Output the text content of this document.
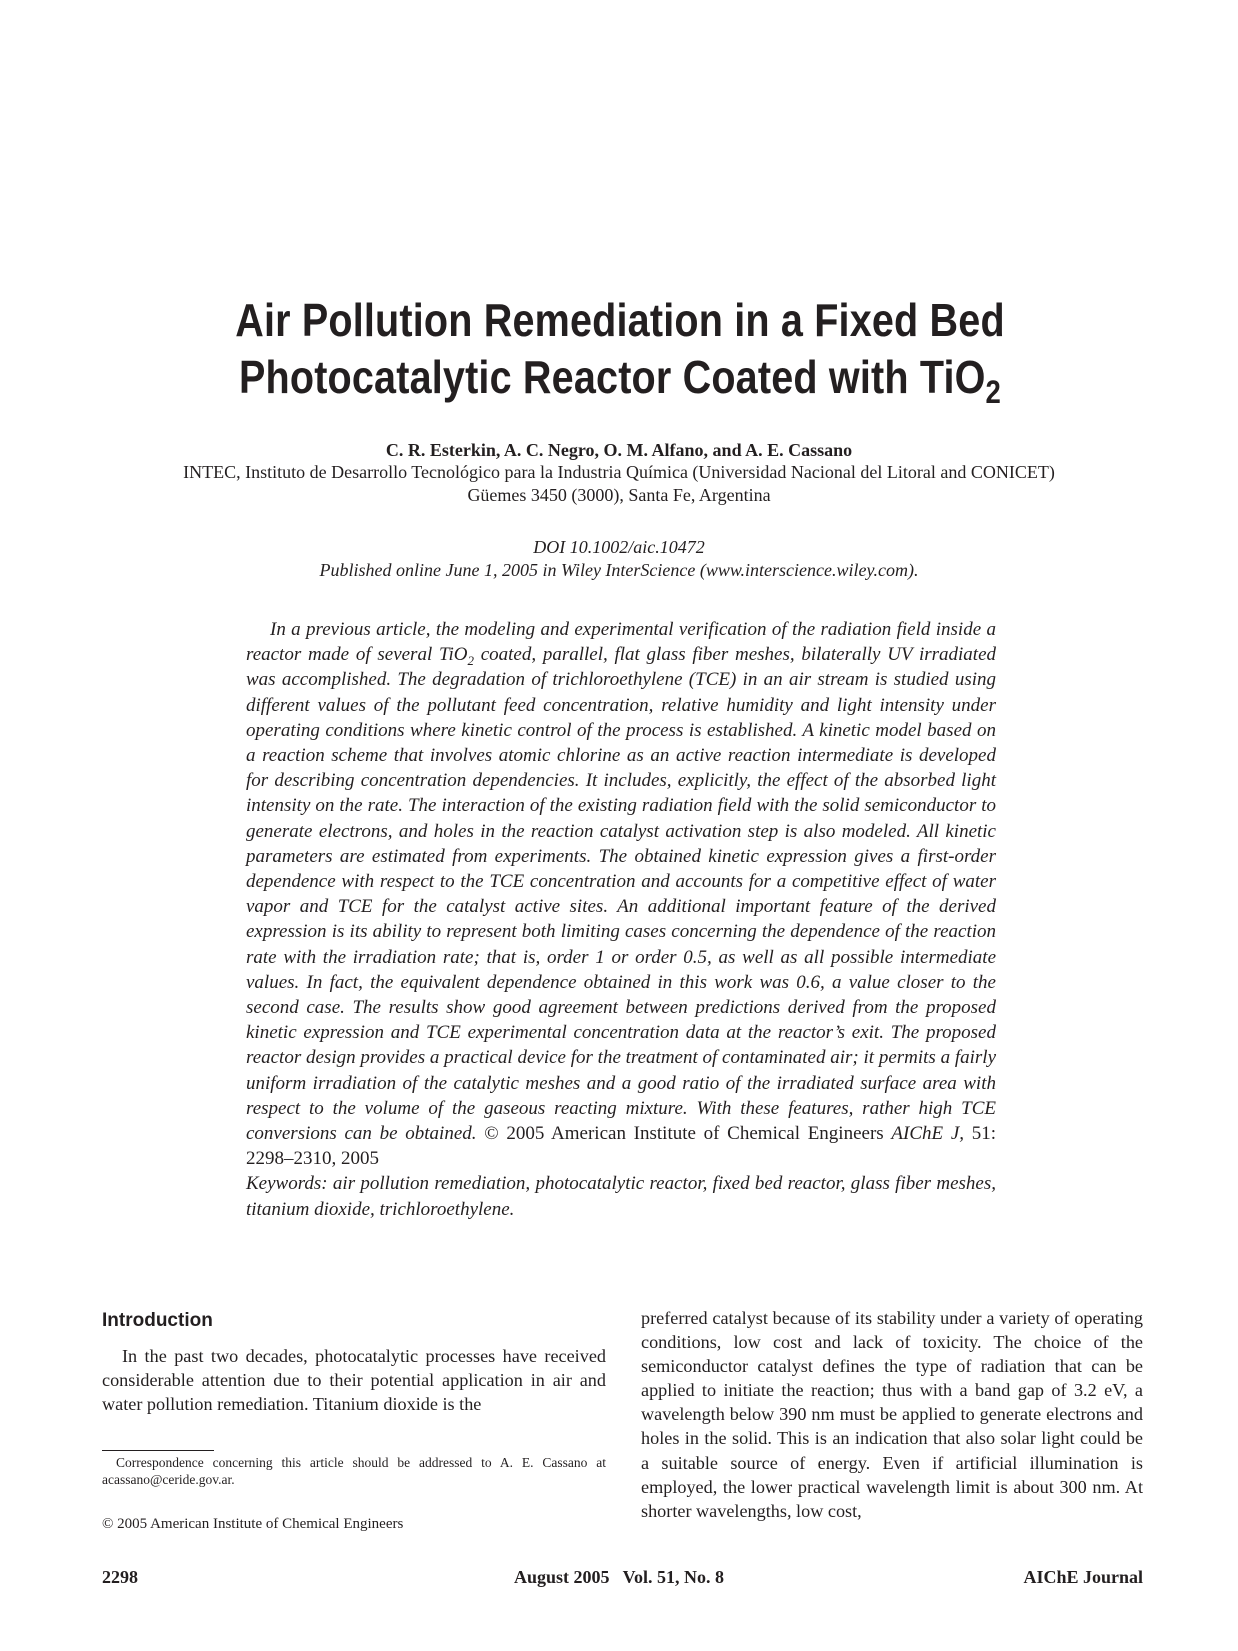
Air Pollution Remediation in a Fixed Bed
Photocatalytic Reactor Coated with TiO$_2$
C. R. Esterkin, A. C. Negro, O. M. Alfano, and A. E. Cassano
INTEC, Instituto de Desarrollo Tecnológico para la Industria Química (Universidad Nacional del Litoral and CONICET)
Güemes 3450 (3000), Santa Fe, Argentina
DOI 10.1002/aic.10472
Published online June 1, 2005 in Wiley InterScience (www.interscience.wiley.com).

In a previous article, the modeling and experimental verification of the radiation field inside a reactor made of several TiO$_2$ coated, parallel, flat glass fiber meshes, bilaterally UV irradiated was accomplished. The degradation of trichloroethylene (TCE) in an air stream is studied using different values of the pollutant feed concentration, relative humidity and light intensity under operating conditions where kinetic control of the process is established. A kinetic model based on a reaction scheme that involves atomic chlorine as an active reaction intermediate is developed for describing concentration dependencies. It includes, explicitly, the effect of the absorbed light intensity on the rate. The interaction of the existing radiation field with the solid semiconductor to generate electrons, and holes in the reaction catalyst activation step is also modeled. All kinetic parameters are estimated from experiments. The obtained kinetic expression gives a first-order dependence with respect to the TCE concentration and accounts for a competitive effect of water vapor and TCE for the catalyst active sites. An additional important feature of the derived expression is its ability to represent both limiting cases concerning the dependence of the reaction rate with the irradiation rate; that is, order 1 or order 0.5, as well as all possible intermediate values. In fact, the equivalent dependence obtained in this work was 0.6, a value closer to the second case. The results show good agreement between predictions derived from the proposed kinetic expression and TCE experimental concentration data at the reactor’s exit. The proposed reactor design provides a practical device for the treatment of contaminated air; it permits a fairly uniform irradiation of the catalytic meshes and a good ratio of the irradiated surface area with respect to the volume of the gaseous reacting mixture. With these features, rather high TCE conversions can be obtained. © 2005 American Institute of Chemical Engineers AIChE J, 51: 2298–2310, 2005
Keywords: air pollution remediation, photocatalytic reactor, fixed bed reactor, glass fiber meshes, titanium dioxide, trichloroethylene.

Introduction

In the past two decades, photocatalytic processes have received considerable attention due to their potential application in air and water pollution remediation. Titanium dioxide is the

preferred catalyst because of its stability under a variety of operating conditions, low cost and lack of toxicity. The choice of the semiconductor catalyst defines the type of radiation that can be applied to initiate the reaction; thus with a band gap of 3.2 eV, a wavelength below 390 nm must be applied to generate electrons and holes in the solid. This is an indication that also solar light could be a suitable source of energy. Even if artificial illumination is employed, the lower practical wavelength limit is about 300 nm. At shorter wavelengths, low cost,

Correspondence concerning this article should be addressed to A. E. Cassano at acassano@ceride.gov.ar.

© 2005 American Institute of Chemical Engineers
2298	August 2005   Vol. 51, No. 8	AIChE Journal
